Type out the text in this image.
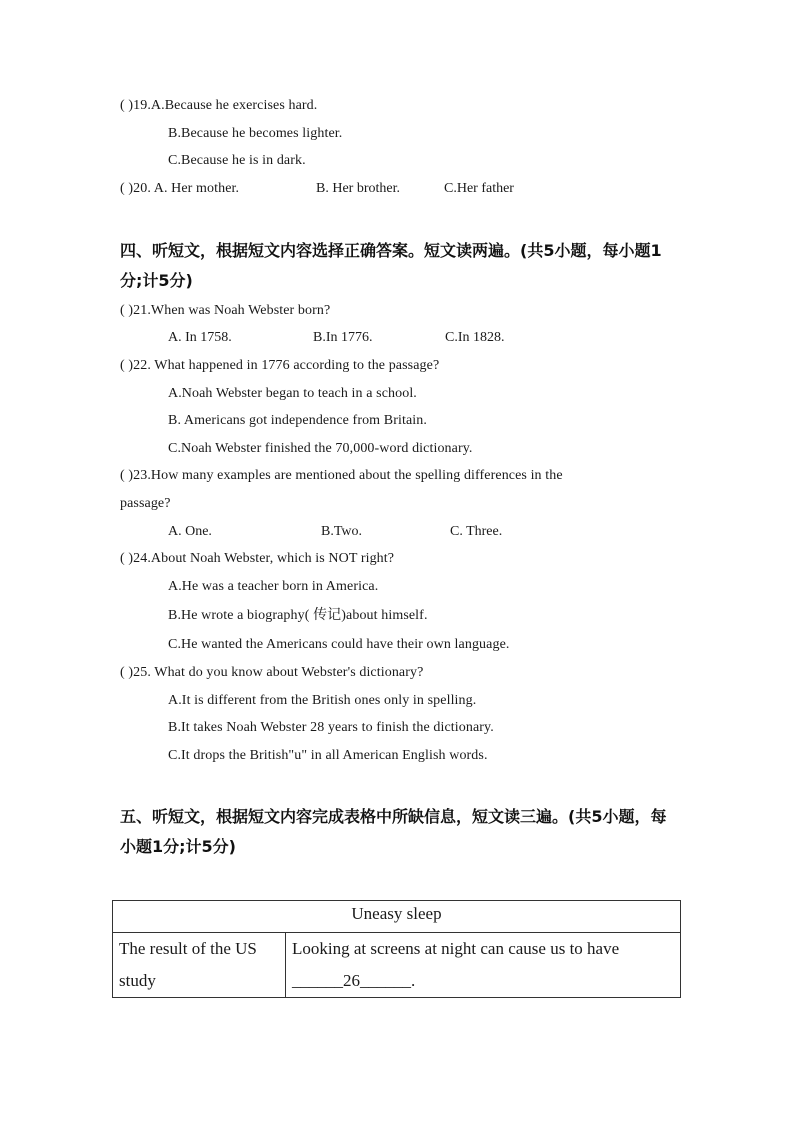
( )19.A.Because he exercises hard.
B.Because he becomes lighter.
C.Because he is in dark.
( )20. A. Her mother.	B. Her brother.	C.Her father
四、听短文，根据短文内容选择正确答案。短文读两遍。(共5小题，每小题1分;计5分)
( )21.When was Noah Webster born?
A. In 1758.	B.In 1776.	C.In 1828.
( )22. What happened in 1776 according to the passage?
A.Noah Webster began to teach in a school.
B. Americans got independence from Britain.
C.Noah Webster finished the 70,000-word dictionary.
( )23.How many examples are mentioned about the spelling differences in the
passage?
A. One.	B.Two.	C. Three.
( )24.About Noah Webster, which is NOT right?
A.He was a teacher born in America.
B.He wrote a biography( 传记)about himself.
C.He wanted the Americans could have their own language.
( )25. What do you know about Webster's dictionary?
A.It is different from the British ones only in spelling.
B.It takes Noah Webster 28 years to finish the dictionary.
C.It drops the British"u" in all American English words.
五、听短文，根据短文内容完成表格中所缺信息，短文读三遍。(共5小题，每小题1分;计5分)
Uneasy sleep
The result of the US study	Looking at screens at night can cause us to have ______26______.
